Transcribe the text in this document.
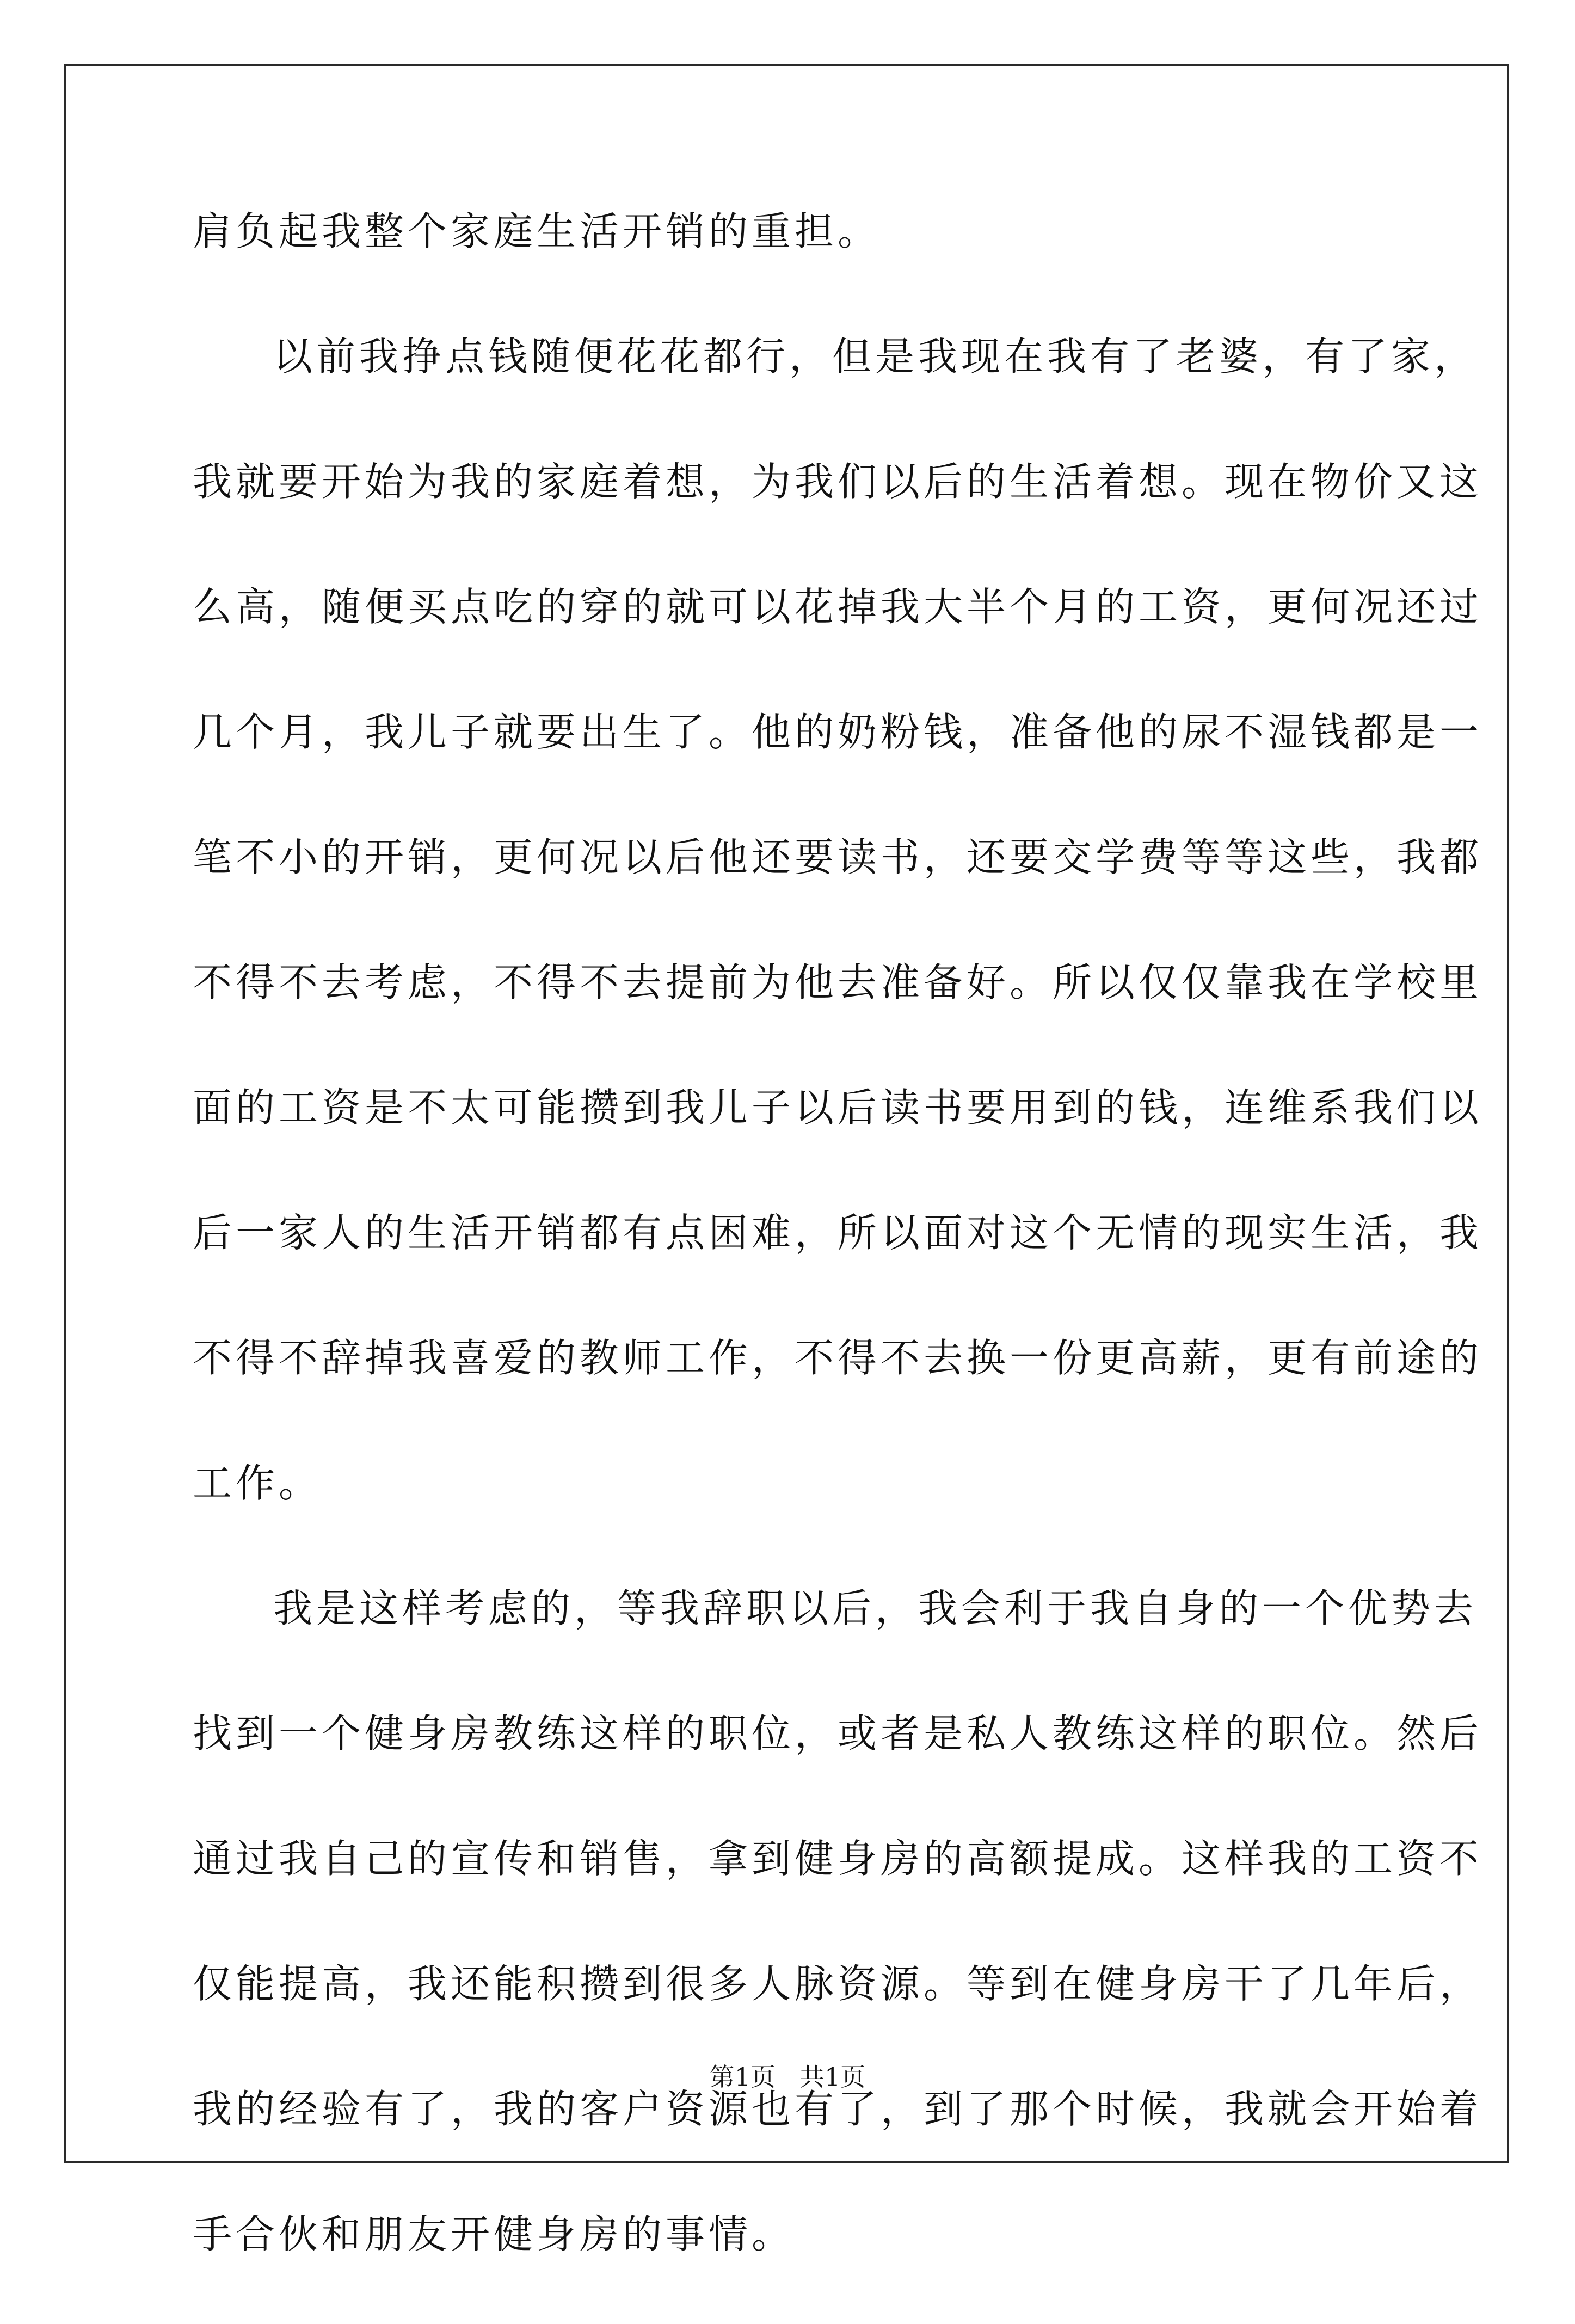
肩负起我整个家庭生活开销的重担。
以前我挣点钱随便花花都行，但是我现在我有了老婆，有了家，
我就要开始为我的家庭着想，为我们以后的生活着想。现在物价又这
么高，随便买点吃的穿的就可以花掉我大半个月的工资，更何况还过
几个月，我儿子就要出生了。他的奶粉钱，准备他的尿不湿钱都是一
笔不小的开销，更何况以后他还要读书，还要交学费等等这些，我都
不得不去考虑，不得不去提前为他去准备好。所以仅仅靠我在学校里
面的工资是不太可能攒到我儿子以后读书要用到的钱，连维系我们以
后一家人的生活开销都有点困难，所以面对这个无情的现实生活，我
不得不辞掉我喜爱的教师工作，不得不去换一份更高薪，更有前途的
工作。
我是这样考虑的，等我辞职以后，我会利于我自身的一个优势去
找到一个健身房教练这样的职位，或者是私人教练这样的职位。然后
通过我自己的宣传和销售，拿到健身房的高额提成。这样我的工资不
仅能提高，我还能积攒到很多人脉资源。等到在健身房干了几年后，
我的经验有了，我的客户资源也有了，到了那个时候，我就会开始着
手合伙和朋友开健身房的事情。
第1页 共1页
